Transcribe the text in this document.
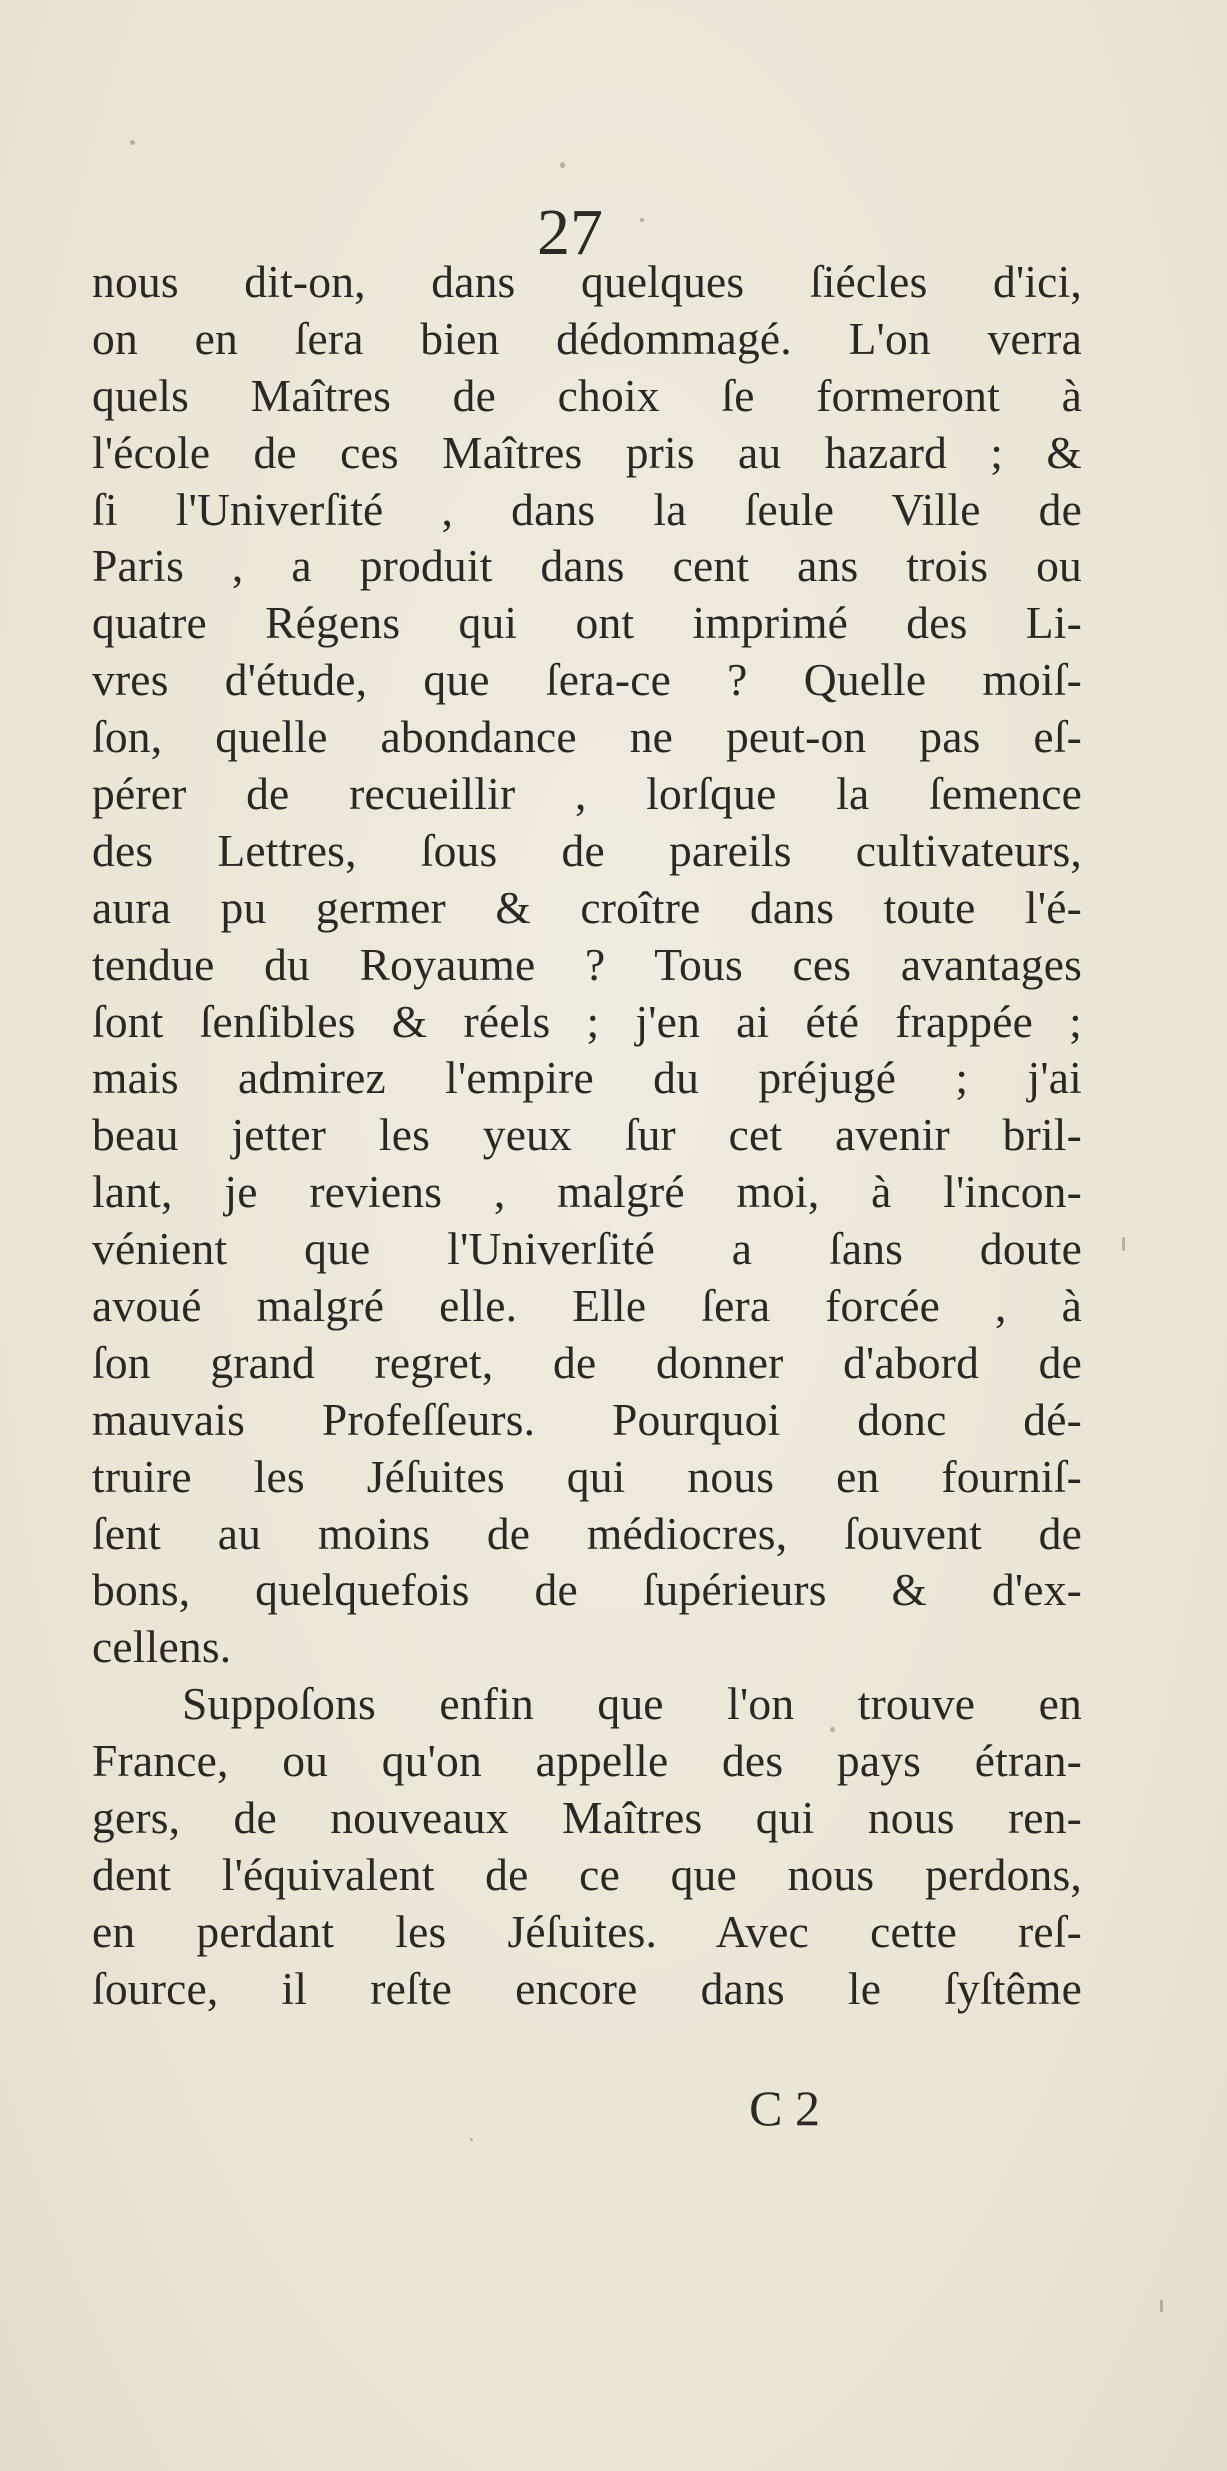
27
nous dit-on, dans quelques ſiécles d'ici,
on en ſera bien dédommagé. L'on verra
quels Maîtres de choix ſe formeront à
l'école de ces Maîtres pris au hazard ; &
ſi l'Univerſité , dans la ſeule Ville de
Paris , a produit dans cent ans trois ou
quatre Régens qui ont imprimé des Li-
vres d'étude, que ſera-ce ? Quelle moiſ-
ſon, quelle abondance ne peut-on pas eſ-
pérer de recueillir , lorſque la ſemence
des Lettres, ſous de pareils cultivateurs,
aura pu germer & croître dans toute l'é-
tendue du Royaume ? Tous ces avantages
ſont ſenſibles & réels ; j'en ai été frappée ;
mais admirez l'empire du préjugé ; j'ai
beau jetter les yeux ſur cet avenir bril-
lant, je reviens , malgré moi, à l'incon-
vénient que l'Univerſité a ſans doute
avoué malgré elle. Elle ſera forcée , à
ſon grand regret, de donner d'abord de
mauvais Profeſſeurs. Pourquoi donc dé-
truire les Jéſuites qui nous en fourniſ-
ſent au moins de médiocres, ſouvent de
bons, quelquefois de ſupérieurs & d'ex-
cellens.
Suppoſons enfin que l'on trouve en
France, ou qu'on appelle des pays étran-
gers, de nouveaux Maîtres qui nous ren-
dent l'équivalent de ce que nous perdons,
en perdant les Jéſuites. Avec cette reſ-
ſource, il reſte encore dans le ſyſtême
C 2
